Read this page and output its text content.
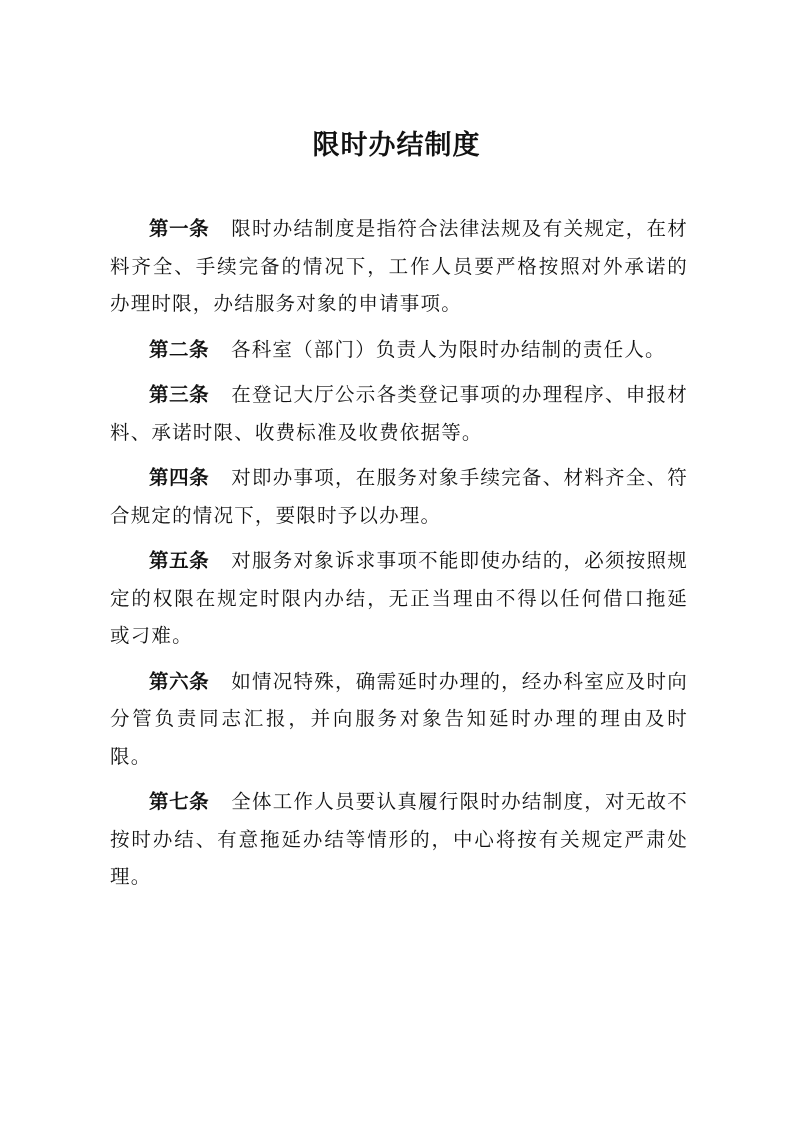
限时办结制度

第一条 限时办结制度是指符合法律法规及有关规定，在材料齐全、手续完备的情况下，工作人员要严格按照对外承诺的办理时限，办结服务对象的申请事项。

第二条 各科室（部门）负责人为限时办结制的责任人。

第三条 在登记大厅公示各类登记事项的办理程序、申报材料、承诺时限、收费标准及收费依据等。

第四条 对即办事项，在服务对象手续完备、材料齐全、符合规定的情况下，要限时予以办理。

第五条 对服务对象诉求事项不能即使办结的，必须按照规定的权限在规定时限内办结，无正当理由不得以任何借口拖延或刁难。

第六条 如情况特殊，确需延时办理的，经办科室应及时向分管负责同志汇报，并向服务对象告知延时办理的理由及时限。

第七条 全体工作人员要认真履行限时办结制度，对无故不按时办结、有意拖延办结等情形的，中心将按有关规定严肃处理。
